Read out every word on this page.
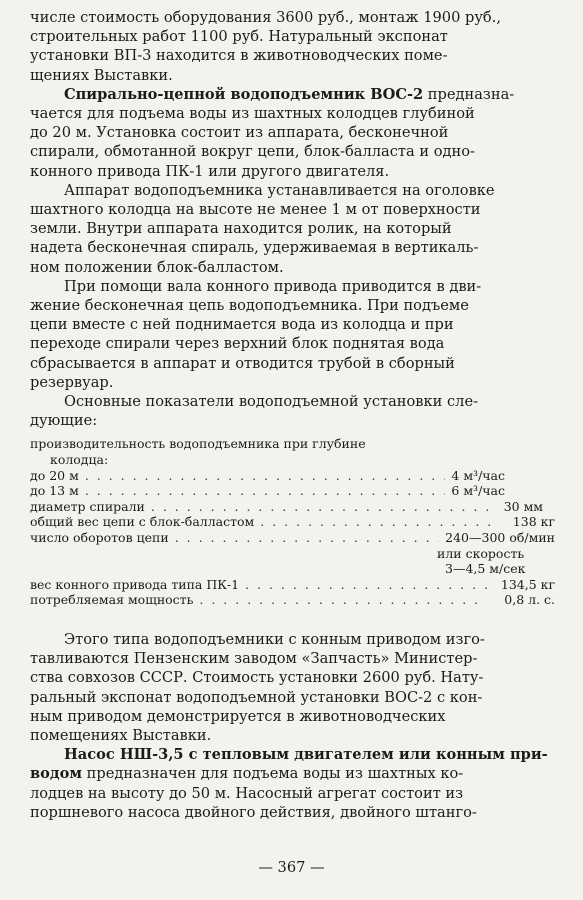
числе стоимость оборудования 3600 руб., монтаж 1900 руб.,
строительных работ 1100 руб. Натуральный экспонат
установки ВП-3 находится в животноводческих поме-
щениях Выставки.
Спирально-цепной водоподъемник ВОС-2 предназна-
чается для подъема воды из шахтных колодцев глубиной
до 20 м. Установка состоит из аппарата, бесконечной
спирали, обмотанной вокруг цепи, блок-балласта и одно-
конного привода ПК-1 или другого двигателя.
Аппарат водоподъемника устанавливается на оголовке
шахтного колодца на высоте не менее 1 м от поверхности
земли. Внутри аппарата находится ролик, на который
надета бесконечная спираль, удерживаемая в вертикаль-
ном положении блок-балластом.
При помощи вала конного привода приводится в дви-
жение бесконечная цепь водоподъемника. При подъеме
цепи вместе с ней поднимается вода из колодца и при
переходе спирали через верхний блок поднятая вода
сбрасывается в аппарат и отводится трубой в сборный
резервуар.
Основные показатели водоподъемной установки сле-
дующие:
производительность водоподъемника при глубине
колодца:
до 20 м . . .	4 м³/час
до 13 м . . .	6 м³/час
диаметр спирали . . .	30 мм
общий вес цепи с блок-балластом . . .	138 кг
число оборотов цепи . . .	240—300 об/мин
или скорость
3—4,5 м/сек
вес конного привода типа ПК-1 . . .	134,5 кг
потребляемая мощность . . .	0,8 л. с.
Этого типа водоподъемники с конным приводом изго-
тавливаются Пензенским заводом «Запчасть» Министер-
ства совхозов СССР. Стоимость установки 2600 руб. Нату-
ральный экспонат водоподъемной установки ВОС-2 с кон-
ным приводом демонстрируется в животноводческих
помещениях Выставки.
Насос НШ-3,5 с тепловым двигателем или конным при-
водом предназначен для подъема воды из шахтных ко-
лодцев на высоту до 50 м. Насосный агрегат состоит из
поршневого насоса двойного действия, двойного штанго-
— 367 —
